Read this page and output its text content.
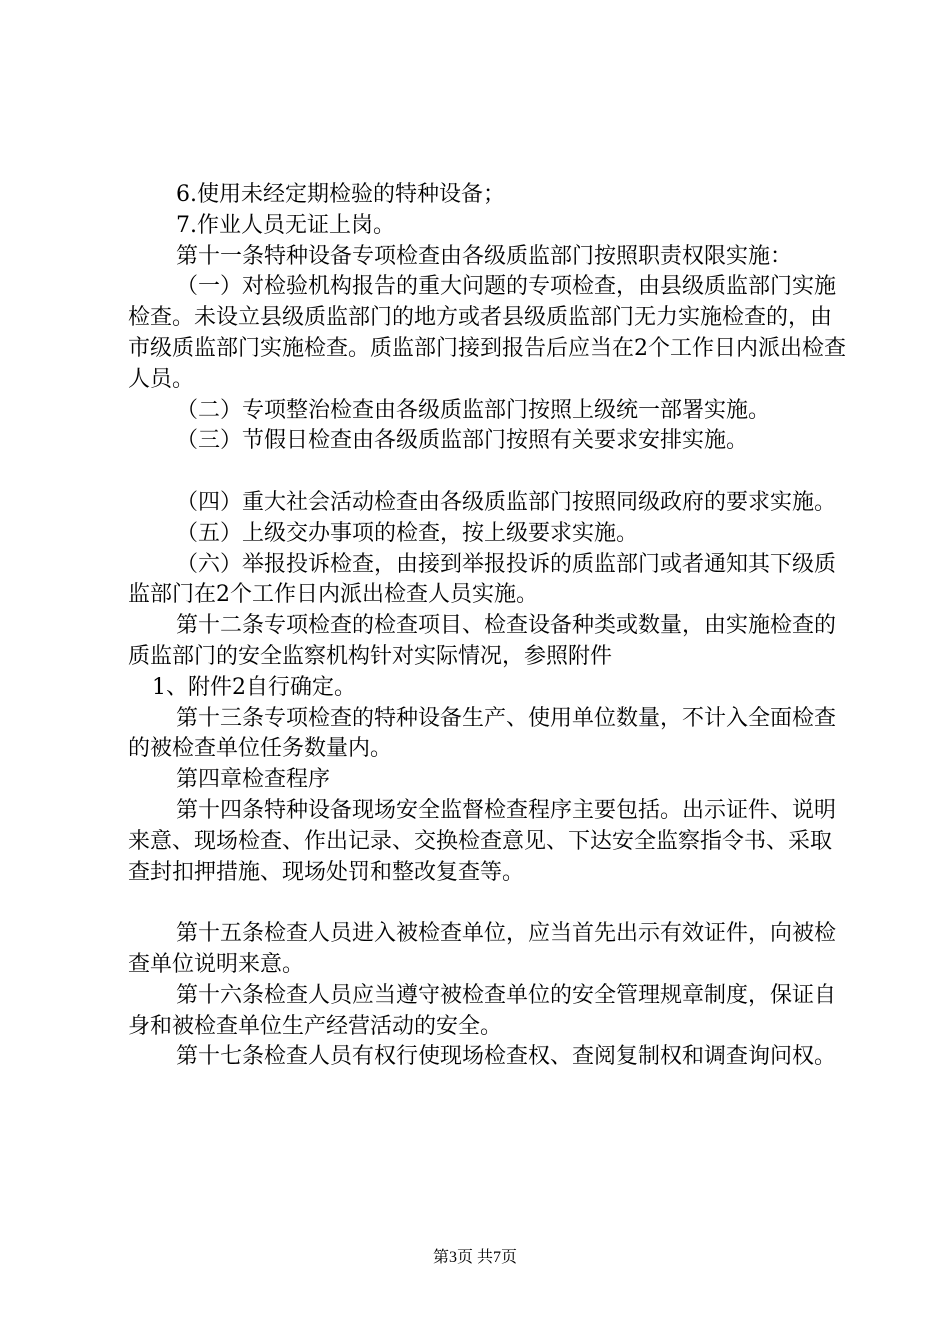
6.使用未经定期检验的特种设备；

7.作业人员无证上岗。

第十一条特种设备专项检查由各级质监部门按照职责权限实施：

（一）对检验机构报告的重大问题的专项检查，由县级质监部门实施检查。未设立县级质监部门的地方或者县级质监部门无力实施检查的，由市级质监部门实施检查。质监部门接到报告后应当在2个工作日内派出检查人员。

（二）专项整治检查由各级质监部门按照上级统一部署实施。

（三）节假日检查由各级质监部门按照有关要求安排实施。

（四）重大社会活动检查由各级质监部门按照同级政府的要求实施。

（五）上级交办事项的检查，按上级要求实施。

（六）举报投诉检查，由接到举报投诉的质监部门或者通知其下级质监部门在2个工作日内派出检查人员实施。

第十二条专项检查的检查项目、检查设备种类或数量，由实施检查的质监部门的安全监察机构针对实际情况，参照附件

1、附件2自行确定。

第十三条专项检查的特种设备生产、使用单位数量，不计入全面检查的被检查单位任务数量内。

第四章检查程序

第十四条特种设备现场安全监督检查程序主要包括。出示证件、说明来意、现场检查、作出记录、交换检查意见、下达安全监察指令书、采取查封扣押措施、现场处罚和整改复查等。

第十五条检查人员进入被检查单位，应当首先出示有效证件，向被检查单位说明来意。

第十六条检查人员应当遵守被检查单位的安全管理规章制度，保证自身和被检查单位生产经营活动的安全。

第十七条检查人员有权行使现场检查权、查阅复制权和调查询问权。

第3页 共7页
